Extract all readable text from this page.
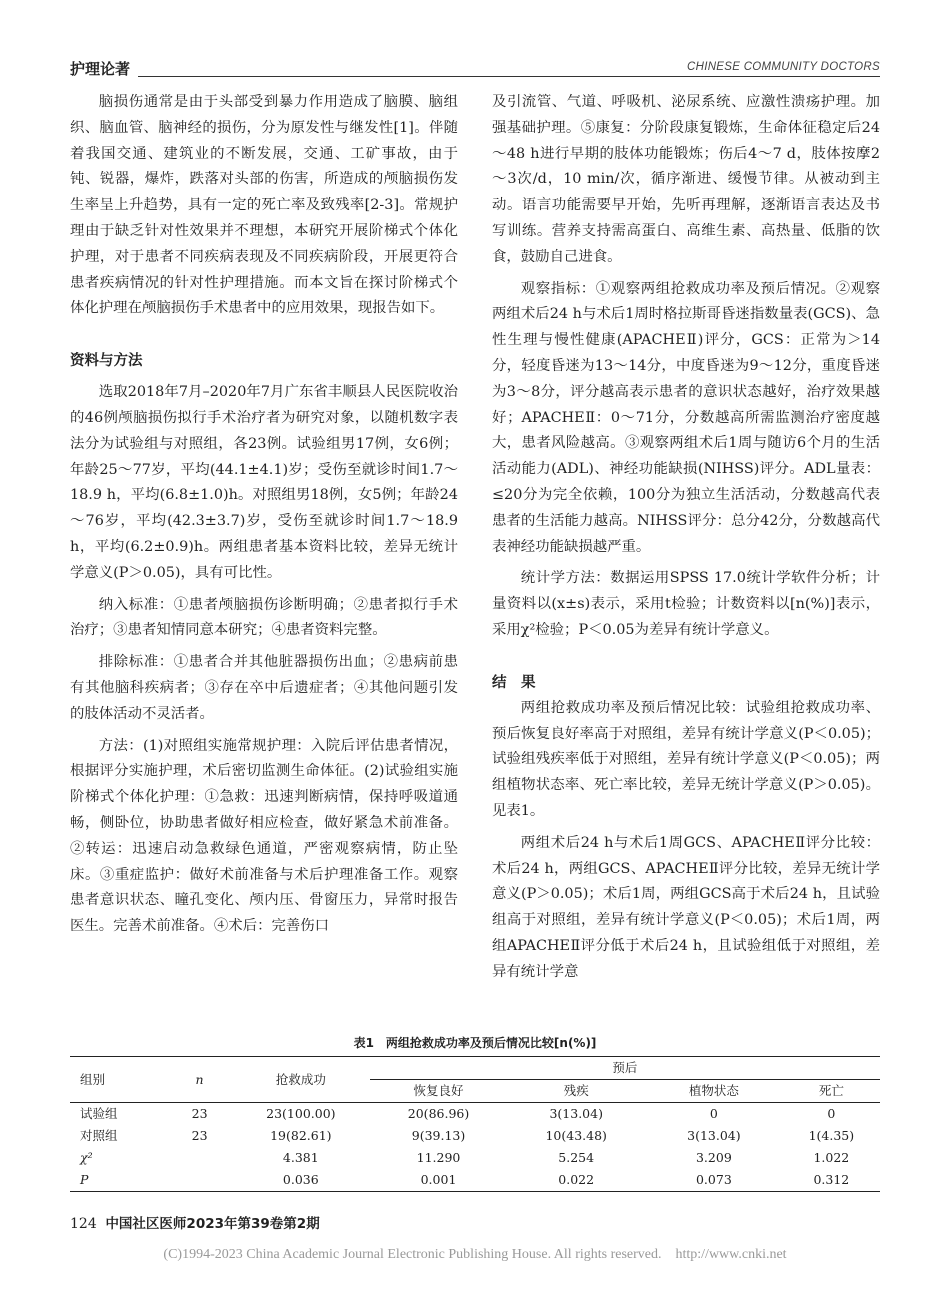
护理论著	CHINESE COMMUNITY DOCTORS

脑损伤通常是由于头部受到暴力作用造成了脑膜、脑组织、脑血管、脑神经的损伤，分为原发性与继发性[1]。伴随着我国交通、建筑业的不断发展，交通、工矿事故，由于钝、锐器，爆炸，跌落对头部的伤害，所造成的颅脑损伤发生率呈上升趋势，具有一定的死亡率及致残率[2-3]。常规护理由于缺乏针对性效果并不理想，本研究开展阶梯式个体化护理，对于患者不同疾病表现及不同疾病阶段，开展更符合患者疾病情况的针对性护理措施。而本文旨在探讨阶梯式个体化护理在颅脑损伤手术患者中的应用效果，现报告如下。

资料与方法

选取2018年7月–2020年7月广东省丰顺县人民医院收治的46例颅脑损伤拟行手术治疗者为研究对象，以随机数字表法分为试验组与对照组，各23例。试验组男17例，女6例；年龄25～77岁，平均(44.1±4.1)岁；受伤至就诊时间1.7～18.9 h，平均(6.8±1.0)h。对照组男18例，女5例；年龄24～76岁，平均(42.3±3.7)岁，受伤至就诊时间1.7～18.9 h，平均(6.2±0.9)h。两组患者基本资料比较，差异无统计学意义(P＞0.05)，具有可比性。

纳入标准：①患者颅脑损伤诊断明确；②患者拟行手术治疗；③患者知情同意本研究；④患者资料完整。

排除标准：①患者合并其他脏器损伤出血；②患病前患有其他脑科疾病者；③存在卒中后遗症者；④其他问题引发的肢体活动不灵活者。

方法：(1)对照组实施常规护理：入院后评估患者情况，根据评分实施护理，术后密切监测生命体征。(2)试验组实施阶梯式个体化护理：①急救：迅速判断病情，保持呼吸道通畅，侧卧位，协助患者做好相应检查，做好紧急术前准备。②转运：迅速启动急救绿色通道，严密观察病情，防止坠床。③重症监护：做好术前准备与术后护理准备工作。观察患者意识状态、瞳孔变化、颅内压、骨窗压力，异常时报告医生。完善术前准备。④术后：完善伤口

及引流管、气道、呼吸机、泌尿系统、应激性溃疡护理。加强基础护理。⑤康复：分阶段康复锻炼，生命体征稳定后24～48 h进行早期的肢体功能锻炼；伤后4～7 d，肢体按摩2～3次/d，10 min/次，循序渐进、缓慢节律。从被动到主动。语言功能需要早开始，先听再理解，逐渐语言表达及书写训练。营养支持需高蛋白、高维生素、高热量、低脂的饮食，鼓励自己进食。

观察指标：①观察两组抢救成功率及预后情况。②观察两组术后24 h与术后1周时格拉斯哥昏迷指数量表(GCS)、急性生理与慢性健康(APACHEⅡ)评分，GCS：正常为＞14分，轻度昏迷为13～14分，中度昏迷为9～12分，重度昏迷为3～8分，评分越高表示患者的意识状态越好，治疗效果越好；APACHEⅡ：0～71分，分数越高所需监测治疗密度越大，患者风险越高。③观察两组术后1周与随访6个月的生活活动能力(ADL)、神经功能缺损(NIHSS)评分。ADL量表：≤20分为完全依赖，100分为独立生活活动，分数越高代表患者的生活能力越高。NIHSS评分：总分42分，分数越高代表神经功能缺损越严重。

统计学方法：数据运用SPSS 17.0统计学软件分析；计量资料以(x±s)表示，采用t检验；计数资料以[n(%)]表示，采用χ²检验；P＜0.05为差异有统计学意义。

结　果

两组抢救成功率及预后情况比较：试验组抢救成功率、预后恢复良好率高于对照组，差异有统计学意义(P＜0.05)；试验组残疾率低于对照组，差异有统计学意义(P＜0.05)；两组植物状态率、死亡率比较，差异无统计学意义(P＞0.05)。见表1。

两组术后24 h与术后1周GCS、APACHEⅡ评分比较：术后24 h，两组GCS、APACHEⅡ评分比较，差异无统计学意义(P＞0.05)；术后1周，两组GCS高于术后24 h，且试验组高于对照组，差异有统计学意义(P＜0.05)；术后1周，两组APACHEⅡ评分低于术后24 h，且试验组低于对照组，差异有统计学意

表1　两组抢救成功率及预后情况比较[n(%)]
组别	n	抢救成功	预后			
			恢复良好	残疾	植物状态	死亡
试验组	23	23(100.00)	20(86.96)	3(13.04)	0	0
对照组	23	19(82.61)	9(39.13)	10(43.48)	3(13.04)	1(4.35)
χ²		4.381	11.290	5.254	3.209	1.022
P		0.036	0.001	0.022	0.073	0.312
124 中国社区医师2023年第39卷第2期
(C)1994-2023 China Academic Journal Electronic Publishing House. All rights reserved.　http://www.cnki.net
